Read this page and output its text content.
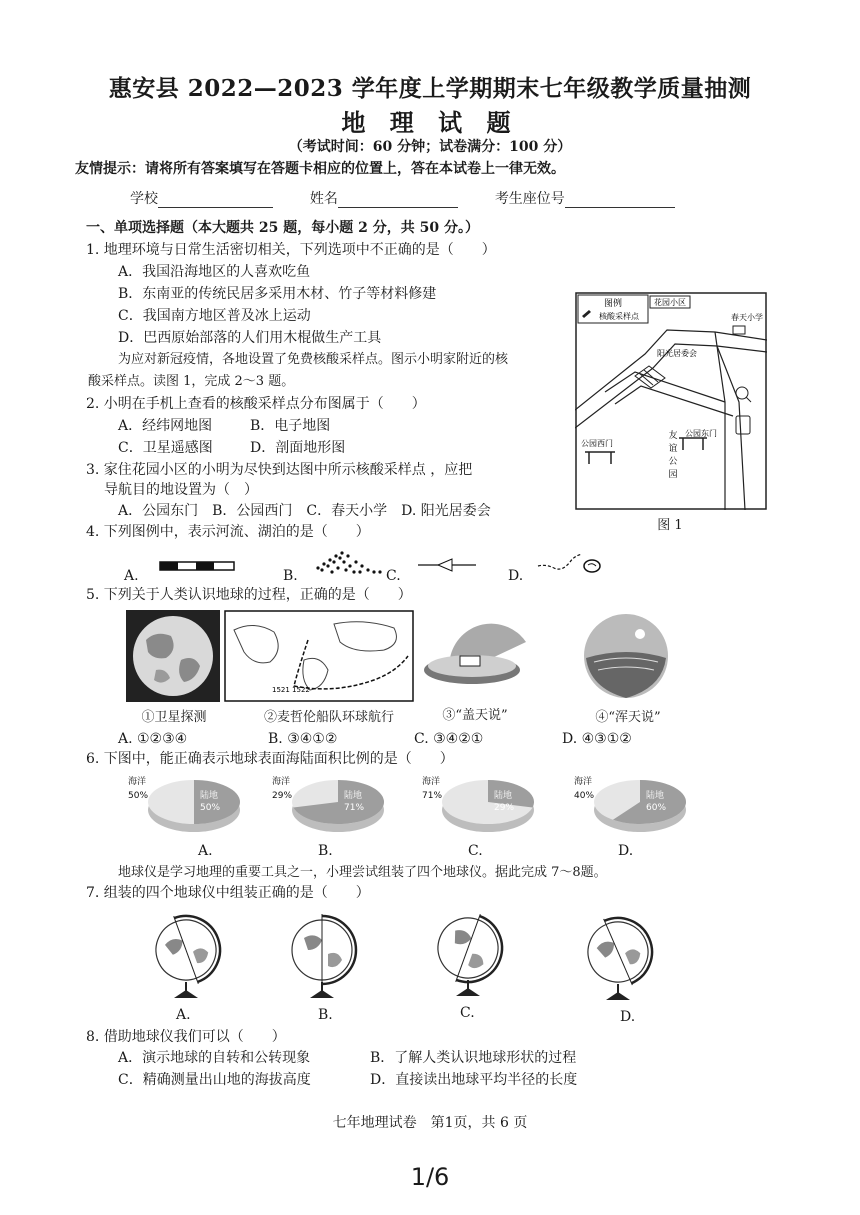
惠安县 2022—2023 学年度上学期期末七年级教学质量抽测
地 理 试 题
（考试时间：60 分钟；试卷满分：100 分）
友情提示：请将所有答案填写在答题卡相应的位置上，答在本试卷上一律无效。
学校	姓名	考生座位号
一、单项选择题（本大题共 25 题，每小题 2 分，共 50 分。）
1. 地理环境与日常生活密切相关，下列选项中不正确的是（　　）
A．我国沿海地区的人喜欢吃鱼
B．东南亚的传统民居多采用木材、竹子等材料修建
C．我国南方地区普及冰上运动
D．巴西原始部落的人们用木棍做生产工具
为应对新冠疫情，各地设置了免费核酸采样点。图示小明家附近的核
酸采样点。读图 1，完成 2～3 题。
2. 小明在手机上查看的核酸采样点分布图属于（　　）
A．经纬网地图	B．电子地图
C．卫星遥感图	D．剖面地形图
3. 家住花园小区的小明为尽快到达图中所示核酸采样点 ，应把
导航目的地设置为（　）
A．公园东门　B．公园西门　C．春天小学　D. 阳光居委会
图例
核酸采样点
花园小区
春天小学
阳光居委会
公园东门
公园西门
友
谊
公
园
图 1
4. 下列图例中，表示河流、湖泊的是（　　）
A.	B.	C.	D.
5. 下列关于人类认识地球的过程，正确的是（　　）
1521 1522
①卫星探测	②麦哲伦船队环球航行	③“盖天说”	④“浑天说”
A. ①②③④	B. ③④①②	C. ③④②①	D. ④③①②
6. 下图中，能正确表示地球表面海陆面积比例的是（　　）
海洋
50%	陆地
50%
海洋
29%	陆地
71%
海洋
71%	陆地
29%
海洋
40%	陆地
60%
A.	B.	C.	D.
地球仪是学习地理的重要工具之一，小理尝试组装了四个地球仪。据此完成 7～8题。
7. 组装的四个地球仪中组装正确的是（　　）
A.	B.	C.	D.
8. 借助地球仪我们可以（　　）
A．演示地球的自转和公转现象	B．了解人类认识地球形状的过程
C．精确测量出山地的海拔高度	D．直接读出地球平均半径的长度
七年地理试卷　第1页，共 6 页
1/6
